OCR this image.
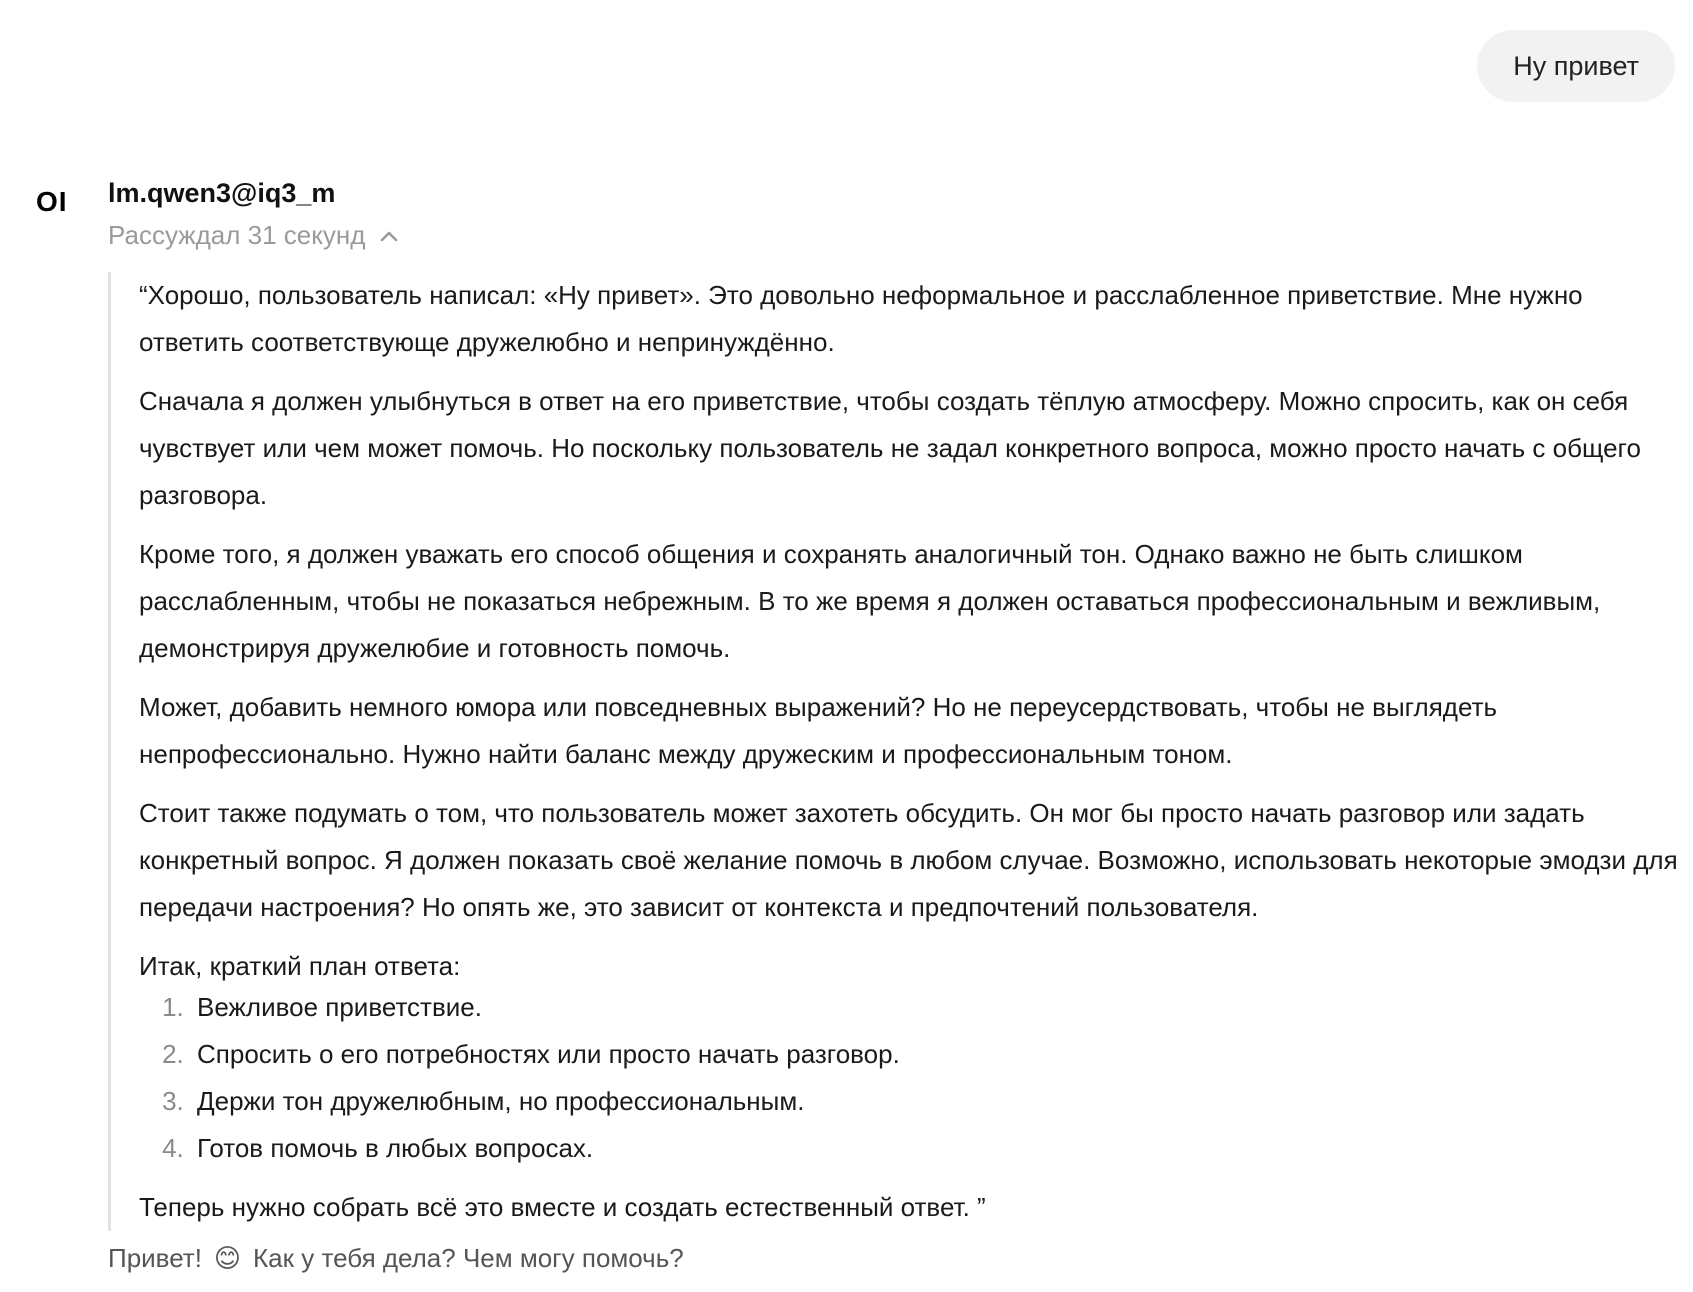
Ну привет
OI lm.qwen3@iq3_m
Рассуждал 31 секунд

“Хорошо, пользователь написал: «Ну привет». Это довольно неформальное и расслабленное приветствие. Мне нужно ответить соответствующе дружелюбно и непринуждённо.

Сначала я должен улыбнуться в ответ на его приветствие, чтобы создать тёплую атмосферу. Можно спросить, как он себя чувствует или чем может помочь. Но поскольку пользователь не задал конкретного вопроса, можно просто начать с общего разговора.

Кроме того, я должен уважать его способ общения и сохранять аналогичный тон. Однако важно не быть слишком расслабленным, чтобы не показаться небрежным. В то же время я должен оставаться профессиональным и вежливым, демонстрируя дружелюбие и готовность помочь.

Может, добавить немного юмора или повседневных выражений? Но не переусердствовать, чтобы не выглядеть непрофессионально. Нужно найти баланс между дружеским и профессиональным тоном.

Стоит также подумать о том, что пользователь может захотеть обсудить. Он мог бы просто начать разговор или задать конкретный вопрос. Я должен показать своё желание помочь в любом случае. Возможно, использовать некоторые эмодзи для передачи настроения? Но опять же, это зависит от контекста и предпочтений пользователя.

Итак, краткий план ответа:

1. Вежливое приветствие.
2. Спросить о его потребностях или просто начать разговор.
3. Держи тон дружелюбным, но профессиональным.
4. Готов помочь в любых вопросах.

Теперь нужно собрать всё это вместе и создать естественный ответ. ”

Привет! 😊 Как у тебя дела? Чем могу помочь?
